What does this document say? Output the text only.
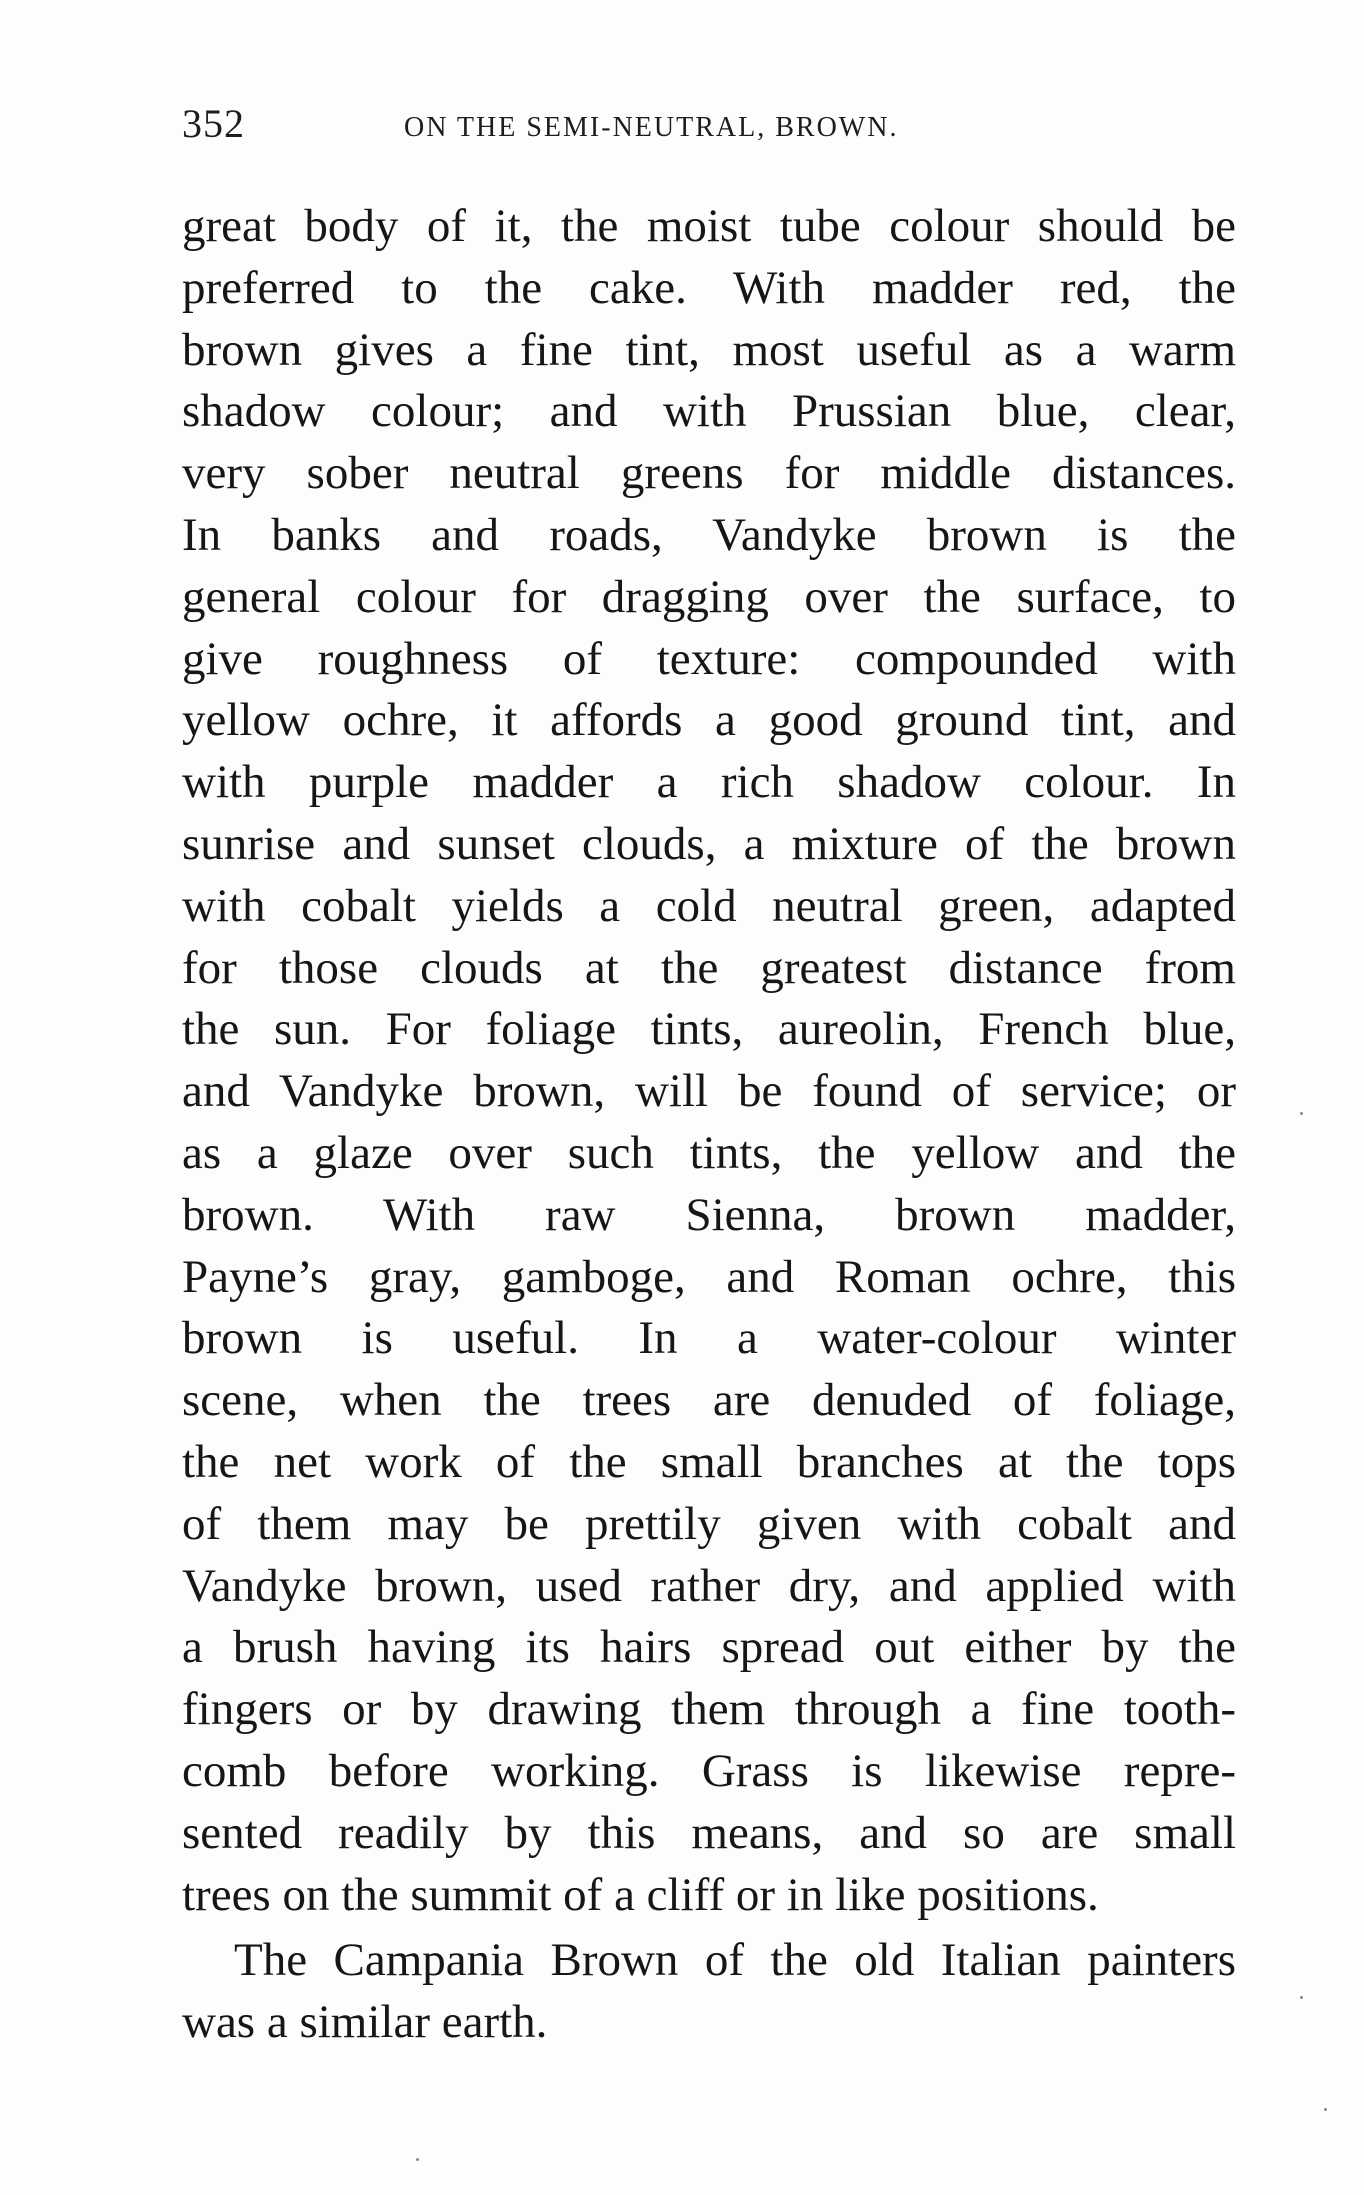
352	ON THE SEMI-NEUTRAL, BROWN.
great body of it, the moist tube colour should be
preferred to the cake. With madder red, the
brown gives a fine tint, most useful as a warm
shadow colour; and with Prussian blue, clear,
very sober neutral greens for middle distances.
In banks and roads, Vandyke brown is the
general colour for dragging over the surface, to
give roughness of texture: compounded with
yellow ochre, it affords a good ground tint, and
with purple madder a rich shadow colour. In
sunrise and sunset clouds, a mixture of the brown
with cobalt yields a cold neutral green, adapted
for those clouds at the greatest distance from
the sun. For foliage tints, aureolin, French blue,
and Vandyke brown, will be found of service; or
as a glaze over such tints, the yellow and the
brown. With raw Sienna, brown madder,
Payne’s gray, gamboge, and Roman ochre, this
brown is useful. In a water-colour winter
scene, when the trees are denuded of foliage,
the net work of the small branches at the tops
of them may be prettily given with cobalt and
Vandyke brown, used rather dry, and applied with
a brush having its hairs spread out either by the
fingers or by drawing them through a fine tooth-
comb before working. Grass is likewise repre-
sented readily by this means, and so are small
trees on the summit of a cliff or in like positions.
The Campania Brown of the old Italian painters
was a similar earth.
